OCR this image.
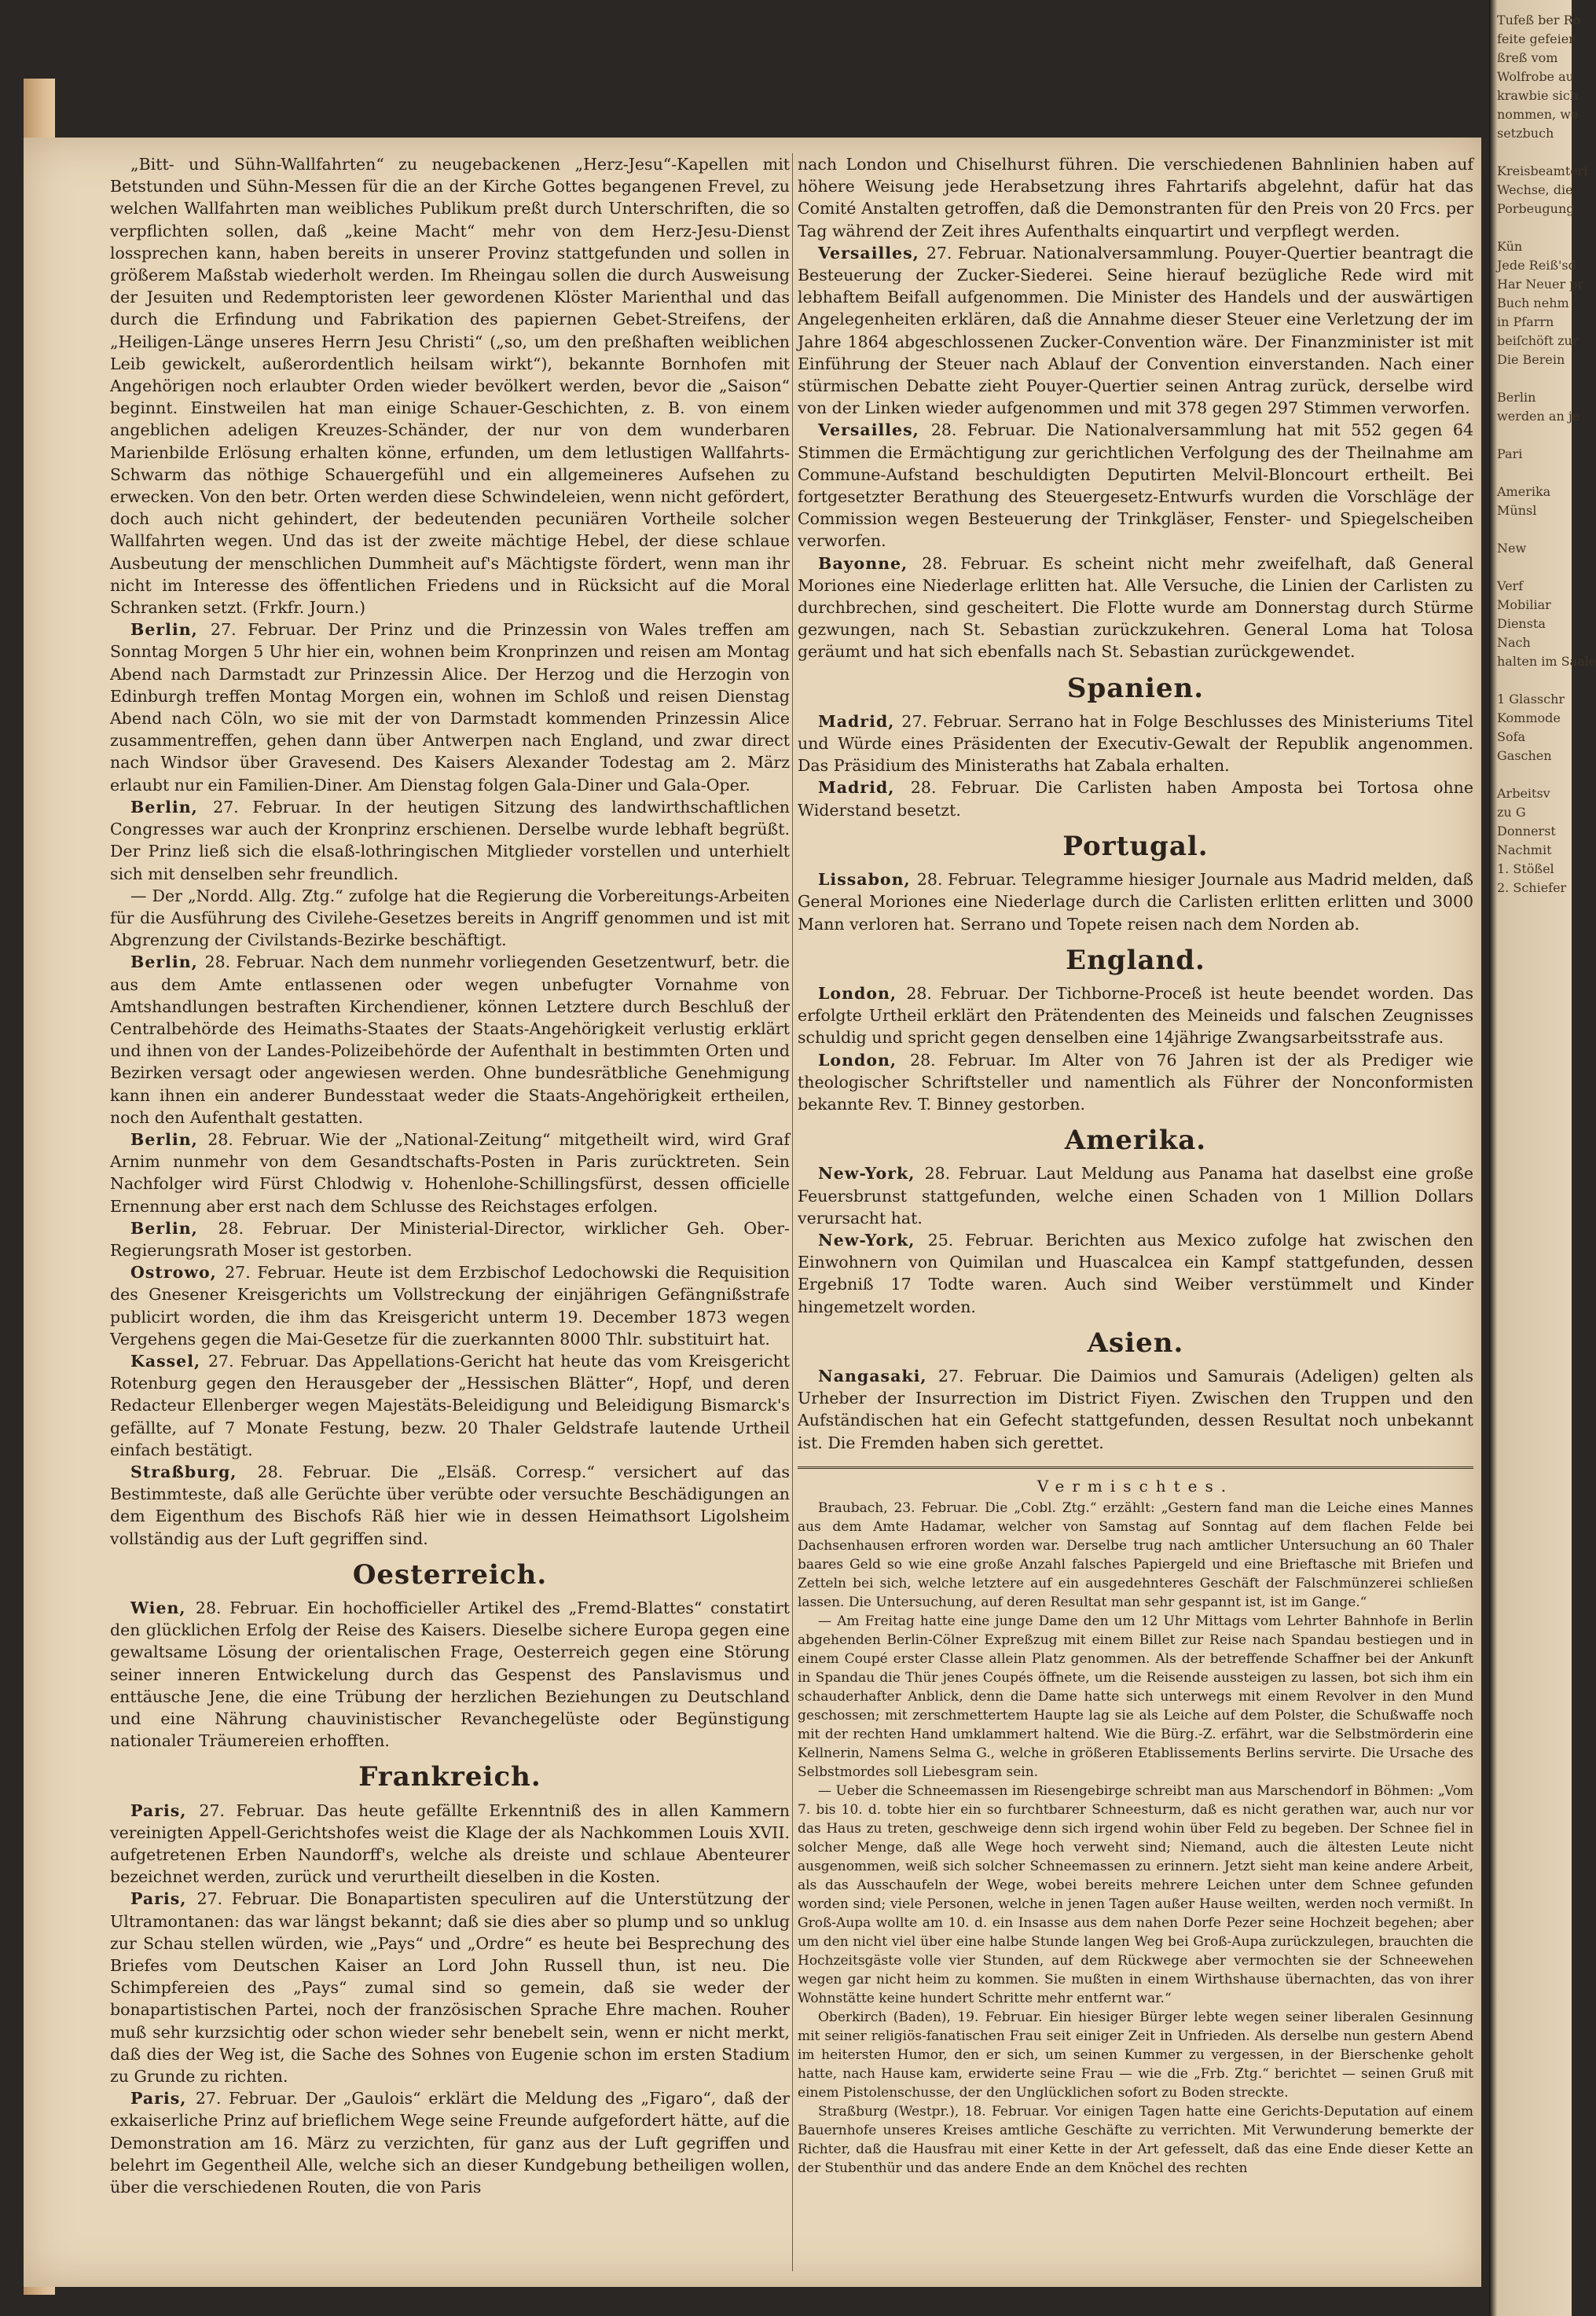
Tufeß ber Ro
feite gefeier
ßreß vom
Wolfrobe au
krawbie sich
nommen, we
setzbuch

Kreisbeamteri
Wechse, die
Porbeugung

Kün
Jede Reiß'sd
Har Neuer pr
Buch nehm
in Pfarrn
beiſchöft zur
Die Berein

Berlin
werden an je

Pari

Amerika
Münsl

New

Verf
Mobiliar
Diensta
Nach
halten im Saale

1 Glasschr
Kommode
Sofa
Gaschen

Arbeitsv
zu G
Donnerst
Nachmit
1. Stößel
2. Schiefer

„Bitt- und Sühn-Wallfahrten“ zu neugebackenen „Herz-Jesu“-Kapellen mit Betstunden und Sühn-Messen für die an der Kirche Gottes begangenen Frevel, zu welchen Wallfahrten man weibliches Publikum preßt durch Unterschriften, die so verpflichten sollen, daß „keine Macht“ mehr von dem Herz-Jesu-Dienst lossprechen kann, haben bereits in unserer Provinz stattgefunden und sollen in größerem Maßstab wiederholt werden. Im Rheingau sollen die durch Ausweisung der Jesuiten und Redemptoristen leer gewordenen Klöster Marienthal und das durch die Erfindung und Fabrikation des papiernen Gebet-Streifens, der „Heiligen-Länge unseres Herrn Jesu Christi“ („so, um den preßhaften weiblichen Leib gewickelt, außerordentlich heilsam wirkt“), bekannte Bornhofen mit Angehörigen noch erlaubter Orden wieder bevölkert werden, bevor die „Saison“ beginnt. Einstweilen hat man einige Schauer-Geschichten, z. B. von einem angeblichen adeligen Kreuzes-Schänder, der nur von dem wunderbaren Marienbilde Erlösung erhalten könne, erfunden, um dem letlustigen Wallfahrts-Schwarm das nöthige Schauergefühl und ein allgemeineres Aufsehen zu erwecken. Von den betr. Orten werden diese Schwindeleien, wenn nicht gefördert, doch auch nicht gehindert, der bedeutenden pecuniären Vortheile solcher Wallfahrten wegen. Und das ist der zweite mächtige Hebel, der diese schlaue Ausbeutung der menschlichen Dummheit auf's Mächtigste fördert, wenn man ihr nicht im Interesse des öffentlichen Friedens und in Rücksicht auf die Moral Schranken setzt. (Frkfr. Journ.)

Berlin, 27. Februar. Der Prinz und die Prinzessin von Wales treffen am Sonntag Morgen 5 Uhr hier ein, wohnen beim Kronprinzen und reisen am Montag Abend nach Darmstadt zur Prinzessin Alice. Der Herzog und die Herzogin von Edinburgh treffen Montag Morgen ein, wohnen im Schloß und reisen Dienstag Abend nach Cöln, wo sie mit der von Darmstadt kommenden Prinzessin Alice zusammentreffen, gehen dann über Antwerpen nach England, und zwar direct nach Windsor über Gravesend. Des Kaisers Alexander Todestag am 2. März erlaubt nur ein Familien-Diner. Am Dienstag folgen Gala-Diner und Gala-Oper.

Berlin, 27. Februar. In der heutigen Sitzung des landwirthschaftlichen Congresses war auch der Kronprinz erschienen. Derselbe wurde lebhaft begrüßt. Der Prinz ließ sich die elsaß-lothringischen Mitglieder vorstellen und unterhielt sich mit denselben sehr freundlich.

— Der „Nordd. Allg. Ztg.“ zufolge hat die Regierung die Vorbereitungs-Arbeiten für die Ausführung des Civilehe-Gesetzes bereits in Angriff genommen und ist mit Abgrenzung der Civilstands-Bezirke beschäftigt.

Berlin, 28. Februar. Nach dem nunmehr vorliegenden Gesetzentwurf, betr. die aus dem Amte entlassenen oder wegen unbefugter Vornahme von Amtshandlungen bestraften Kirchendiener, können Letztere durch Beschluß der Centralbehörde des Heimaths-Staates der Staats-Angehörigkeit verlustig erklärt und ihnen von der Landes-Polizeibehörde der Aufenthalt in bestimmten Orten und Bezirken versagt oder angewiesen werden. Ohne bundesrätbliche Genehmigung kann ihnen ein anderer Bundesstaat weder die Staats-Angehörigkeit ertheilen, noch den Aufenthalt gestatten.

Berlin, 28. Februar. Wie der „National-Zeitung“ mitgetheilt wird, wird Graf Arnim nunmehr von dem Gesandtschafts-Posten in Paris zurücktreten. Sein Nachfolger wird Fürst Chlodwig v. Hohenlohe-Schillingsfürst, dessen officielle Ernennung aber erst nach dem Schlusse des Reichstages erfolgen.

Berlin, 28. Februar. Der Ministerial-Director, wirklicher Geh. Ober-Regierungsrath Moser ist gestorben.

Ostrowo, 27. Februar. Heute ist dem Erzbischof Ledochowski die Requisition des Gnesener Kreisgerichts um Vollstreckung der einjährigen Gefängnißstrafe publicirt worden, die ihm das Kreisgericht unterm 19. December 1873 wegen Vergehens gegen die Mai-Gesetze für die zuerkannten 8000 Thlr. substituirt hat.

Kassel, 27. Februar. Das Appellations-Gericht hat heute das vom Kreisgericht Rotenburg gegen den Herausgeber der „Hessischen Blätter“, Hopf, und deren Redacteur Ellenberger wegen Majestäts-Beleidigung und Beleidigung Bismarck's gefällte, auf 7 Monate Festung, bezw. 20 Thaler Geldstrafe lautende Urtheil einfach bestätigt.

Straßburg, 28. Februar. Die „Elsäß. Corresp.“ versichert auf das Bestimmteste, daß alle Gerüchte über verübte oder versuchte Beschädigungen an dem Eigenthum des Bischofs Räß hier wie in dessen Heimathsort Ligolsheim vollständig aus der Luft gegriffen sind.

Oesterreich.

Wien, 28. Februar. Ein hochofficieller Artikel des „Fremd-Blattes“ constatirt den glücklichen Erfolg der Reise des Kaisers. Dieselbe sichere Europa gegen eine gewaltsame Lösung der orientalischen Frage, Oesterreich gegen eine Störung seiner inneren Entwickelung durch das Gespenst des Panslavismus und enttäusche Jene, die eine Trübung der herzlichen Beziehungen zu Deutschland und eine Nährung chauvinistischer Revanchegelüste oder Begünstigung nationaler Träumereien erhofften.

Frankreich.

Paris, 27. Februar. Das heute gefällte Erkenntniß des in allen Kammern vereinigten Appell-Gerichtshofes weist die Klage der als Nachkommen Louis XVII. aufgetretenen Erben Naundorff's, welche als dreiste und schlaue Abenteurer bezeichnet werden, zurück und verurtheilt dieselben in die Kosten.

Paris, 27. Februar. Die Bonapartisten speculiren auf die Unterstützung der Ultramontanen: das war längst bekannt; daß sie dies aber so plump und so unklug zur Schau stellen würden, wie „Pays“ und „Ordre“ es heute bei Besprechung des Briefes vom Deutschen Kaiser an Lord John Russell thun, ist neu. Die Schimpfereien des „Pays“ zumal sind so gemein, daß sie weder der bonapartistischen Partei, noch der französischen Sprache Ehre machen. Rouher muß sehr kurzsichtig oder schon wieder sehr benebelt sein, wenn er nicht merkt, daß dies der Weg ist, die Sache des Sohnes von Eugenie schon im ersten Stadium zu Grunde zu richten.

Paris, 27. Februar. Der „Gaulois“ erklärt die Meldung des „Figaro“, daß der exkaiserliche Prinz auf brieflichem Wege seine Freunde aufgefordert hätte, auf die Demonstration am 16. März zu verzichten, für ganz aus der Luft gegriffen und belehrt im Gegentheil Alle, welche sich an dieser Kundgebung betheiligen wollen, über die verschiedenen Routen, die von Paris

nach London und Chiselhurst führen. Die verschiedenen Bahnlinien haben auf höhere Weisung jede Herabsetzung ihres Fahrtarifs abgelehnt, dafür hat das Comité Anstalten getroffen, daß die Demonstranten für den Preis von 20 Frcs. per Tag während der Zeit ihres Aufenthalts einquartirt und verpflegt werden.

Versailles, 27. Februar. Nationalversammlung. Pouyer-Quertier beantragt die Besteuerung der Zucker-Siederei. Seine hierauf bezügliche Rede wird mit lebhaftem Beifall aufgenommen. Die Minister des Handels und der auswärtigen Angelegenheiten erklären, daß die Annahme dieser Steuer eine Verletzung der im Jahre 1864 abgeschlossenen Zucker-Convention wäre. Der Finanzminister ist mit Einführung der Steuer nach Ablauf der Convention einverstanden. Nach einer stürmischen Debatte zieht Pouyer-Quertier seinen Antrag zurück, derselbe wird von der Linken wieder aufgenommen und mit 378 gegen 297 Stimmen verworfen.

Versailles, 28. Februar. Die Nationalversammlung hat mit 552 gegen 64 Stimmen die Ermächtigung zur gerichtlichen Verfolgung des der Theilnahme am Commune-Aufstand beschuldigten Deputirten Melvil-Bloncourt ertheilt. Bei fortgesetzter Berathung des Steuergesetz-Entwurfs wurden die Vorschläge der Commission wegen Besteuerung der Trinkgläser, Fenster- und Spiegelscheiben verworfen.

Bayonne, 28. Februar. Es scheint nicht mehr zweifelhaft, daß General Moriones eine Niederlage erlitten hat. Alle Versuche, die Linien der Carlisten zu durchbrechen, sind gescheitert. Die Flotte wurde am Donnerstag durch Stürme gezwungen, nach St. Sebastian zurückzukehren. General Loma hat Tolosa geräumt und hat sich ebenfalls nach St. Sebastian zurückgewendet.

Spanien.

Madrid, 27. Februar. Serrano hat in Folge Beschlusses des Ministeriums Titel und Würde eines Präsidenten der Executiv-Gewalt der Republik angenommen. Das Präsidium des Ministeraths hat Zabala erhalten.

Madrid, 28. Februar. Die Carlisten haben Amposta bei Tortosa ohne Widerstand besetzt.

Portugal.

Lissabon, 28. Februar. Telegramme hiesiger Journale aus Madrid melden, daß General Moriones eine Niederlage durch die Carlisten erlitten erlitten und 3000 Mann verloren hat. Serrano und Topete reisen nach dem Norden ab.

England.

London, 28. Februar. Der Tichborne-Proceß ist heute beendet worden. Das erfolgte Urtheil erklärt den Prätendenten des Meineids und falschen Zeugnisses schuldig und spricht gegen denselben eine 14jährige Zwangsarbeitsstrafe aus.

London, 28. Februar. Im Alter von 76 Jahren ist der als Prediger wie theologischer Schriftsteller und namentlich als Führer der Nonconformisten bekannte Rev. T. Binney gestorben.

Amerika.

New-York, 28. Februar. Laut Meldung aus Panama hat daselbst eine große Feuersbrunst stattgefunden, welche einen Schaden von 1 Million Dollars verursacht hat.

New-York, 25. Februar. Berichten aus Mexico zufolge hat zwischen den Einwohnern von Quimilan und Huascalcea ein Kampf stattgefunden, dessen Ergebniß 17 Todte waren. Auch sind Weiber verstümmelt und Kinder hingemetzelt worden.

Asien.

Nangasaki, 27. Februar. Die Daimios und Samurais (Adeligen) gelten als Urheber der Insurrection im District Fiyen. Zwischen den Truppen und den Aufständischen hat ein Gefecht stattgefunden, dessen Resultat noch unbekannt ist. Die Fremden haben sich gerettet.

Vermischtes.

Braubach, 23. Februar. Die „Cobl. Ztg.“ erzählt: „Gestern fand man die Leiche eines Mannes aus dem Amte Hadamar, welcher von Samstag auf Sonntag auf dem flachen Felde bei Dachsenhausen erfroren worden war. Derselbe trug nach amtlicher Untersuchung an 60 Thaler baares Geld so wie eine große Anzahl falsches Papiergeld und eine Brieftasche mit Briefen und Zetteln bei sich, welche letztere auf ein ausgedehnteres Geschäft der Falschmünzerei schließen lassen. Die Untersuchung, auf deren Resultat man sehr gespannt ist, ist im Gange.“

— Am Freitag hatte eine junge Dame den um 12 Uhr Mittags vom Lehrter Bahnhofe in Berlin abgehenden Berlin-Cölner Expreßzug mit einem Billet zur Reise nach Spandau bestiegen und in einem Coupé erster Classe allein Platz genommen. Als der betreffende Schaffner bei der Ankunft in Spandau die Thür jenes Coupés öffnete, um die Reisende aussteigen zu lassen, bot sich ihm ein schauderhafter Anblick, denn die Dame hatte sich unterwegs mit einem Revolver in den Mund geschossen; mit zerschmettertem Haupte lag sie als Leiche auf dem Polster, die Schußwaffe noch mit der rechten Hand umklammert haltend. Wie die Bürg.-Z. erfährt, war die Selbstmörderin eine Kellnerin, Namens Selma G., welche in größeren Etablissements Berlins servirte. Die Ursache des Selbstmordes soll Liebesgram sein.

— Ueber die Schneemassen im Riesengebirge schreibt man aus Marschendorf in Böhmen: „Vom 7. bis 10. d. tobte hier ein so furchtbarer Schneesturm, daß es nicht gerathen war, auch nur vor das Haus zu treten, geschweige denn sich irgend wohin über Feld zu begeben. Der Schnee fiel in solcher Menge, daß alle Wege hoch verweht sind; Niemand, auch die ältesten Leute nicht ausgenommen, weiß sich solcher Schneemassen zu erinnern. Jetzt sieht man keine andere Arbeit, als das Ausschaufeln der Wege, wobei bereits mehrere Leichen unter dem Schnee gefunden worden sind; viele Personen, welche in jenen Tagen außer Hause weilten, werden noch vermißt. In Groß-Aupa wollte am 10. d. ein Insasse aus dem nahen Dorfe Pezer seine Hochzeit begehen; aber um den nicht viel über eine halbe Stunde langen Weg bei Groß-Aupa zurückzulegen, brauchten die Hochzeitsgäste volle vier Stunden, auf dem Rückwege aber vermochten sie der Schneewehen wegen gar nicht heim zu kommen. Sie mußten in einem Wirthshause übernachten, das von ihrer Wohnstätte keine hundert Schritte mehr entfernt war.“

Oberkirch (Baden), 19. Februar. Ein hiesiger Bürger lebte wegen seiner liberalen Gesinnung mit seiner religiös-fanatischen Frau seit einiger Zeit in Unfrieden. Als derselbe nun gestern Abend im heitersten Humor, den er sich, um seinen Kummer zu vergessen, in der Bierschenke geholt hatte, nach Hause kam, erwiderte seine Frau — wie die „Frb. Ztg.“ berichtet — seinen Gruß mit einem Pistolenschusse, der den Unglücklichen sofort zu Boden streckte.

Straßburg (Westpr.), 18. Februar. Vor einigen Tagen hatte eine Gerichts-Deputation auf einem Bauernhofe unseres Kreises amtliche Geschäfte zu verrichten. Mit Verwunderung bemerkte der Richter, daß die Hausfrau mit einer Kette in der Art gefesselt, daß das eine Ende dieser Kette an der Stubenthür und das andere Ende an dem Knöchel des rechten
